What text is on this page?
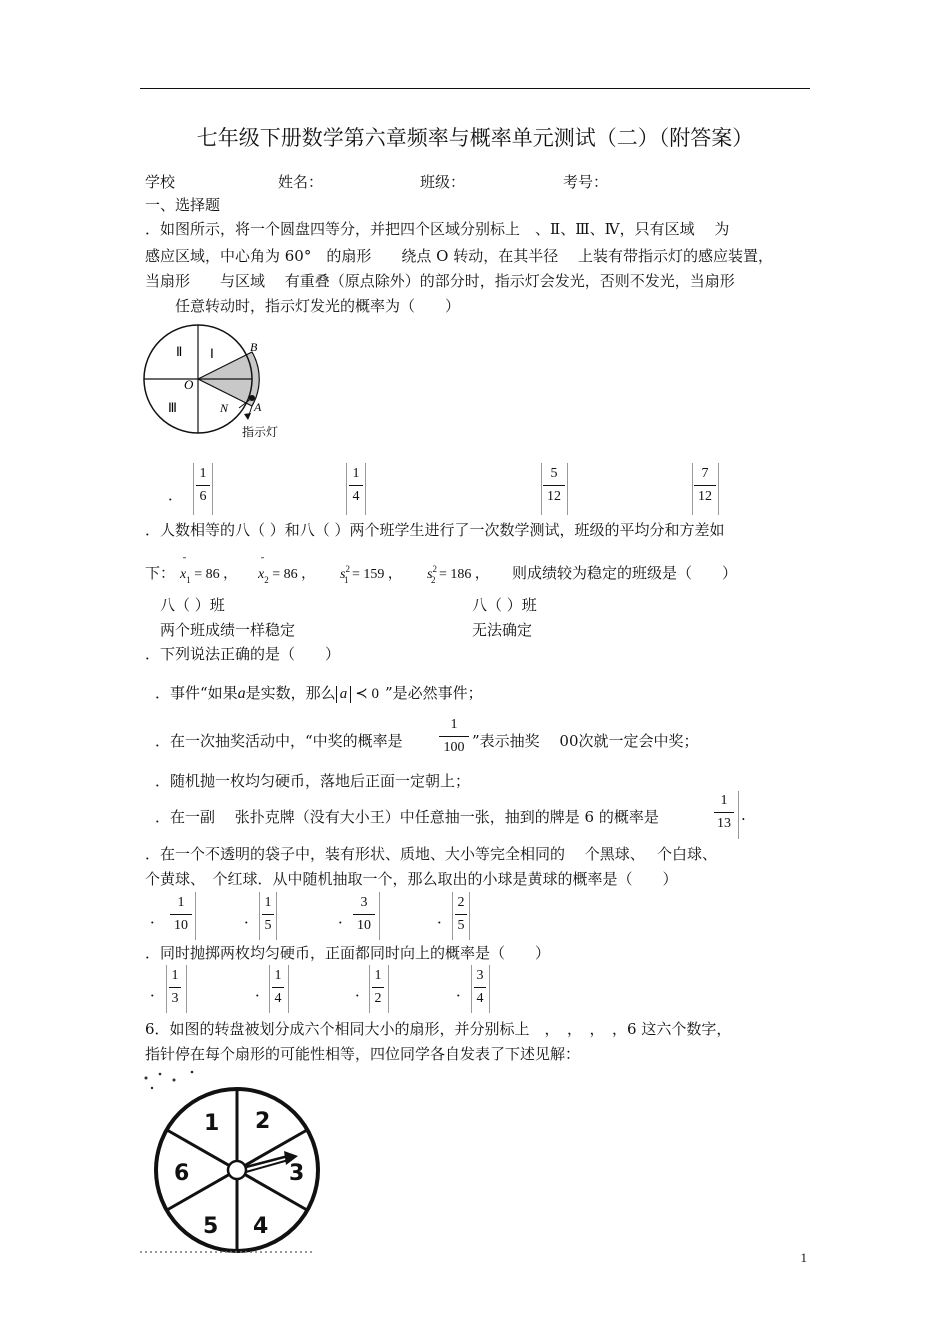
七年级下册数学第六章频率与概率单元测试（二）（附答案）
学校	姓名：	班级：	考号：
一、选择题
．如图所示，将一个圆盘四等分，并把四个区域分别标上　、Ⅱ、Ⅲ、Ⅳ，只有区域　 为
感应区域，中心角为 60°　的扇形　　绕点 O 转动，在其半径　 上装有带指示灯的感应装置，
当扇形　　与区域　 有重叠（原点除外）的部分时，指示灯会发光，否则不发光，当扇形
　　任意转动时，指示灯发光的概率为（　　）
Ⅱ Ⅰ
Ⅲ
O
B
N A
指示灯
．
1
6
1
4
5
12
7
12
．人数相等的八（ ）和八（ ）两个班学生进行了一次数学测试，班级的平均分和方差如
下： $x_1 = 86$ ，
¯
$x_2 = 86$ ，
¯
$s^2_1 = 159$ ， $s^2_2 = 186$ ， 则成绩较为稳定的班级是（　　）
八（ ）班	八（ ）班
两个班成绩一样稳定	无法确定
．下列说法正确的是（　　）
．事件“如果a是实数，那么 a ≺ 0 ”是必然事件；
．在一次抽奖活动中，“中奖的概率是
1
100 ”表示抽奖　 00次就一定会中奖；
．随机抛一枚均匀硬币，落地后正面一定朝上；
．在一副　 张扑克牌（没有大小王）中任意抽一张，抽到的牌是 6 的概率是
1
13 .
．在一个不透明的袋子中，装有形状、质地、大小等完全相同的　 个黑球、　 个白球、
个黄球、　个红球．从中随机抽取一个，那么取出的小球是黄球的概率是（　　）
．
1
10	．
1
5	．
3
10	．
2
5
．同时抛掷两枚均匀硬币，正面都同时向上的概率是（　　）
．
1
3	．
1
4	．
1
2	．
3
4
6．如图的转盘被划分成六个相同大小的扇形，并分别标上　，　，　，　，6 这六个数字，
指针停在每个扇形的可能性相等，四位同学各自发表了下述见解：
1 2
3
4
5
6
1
